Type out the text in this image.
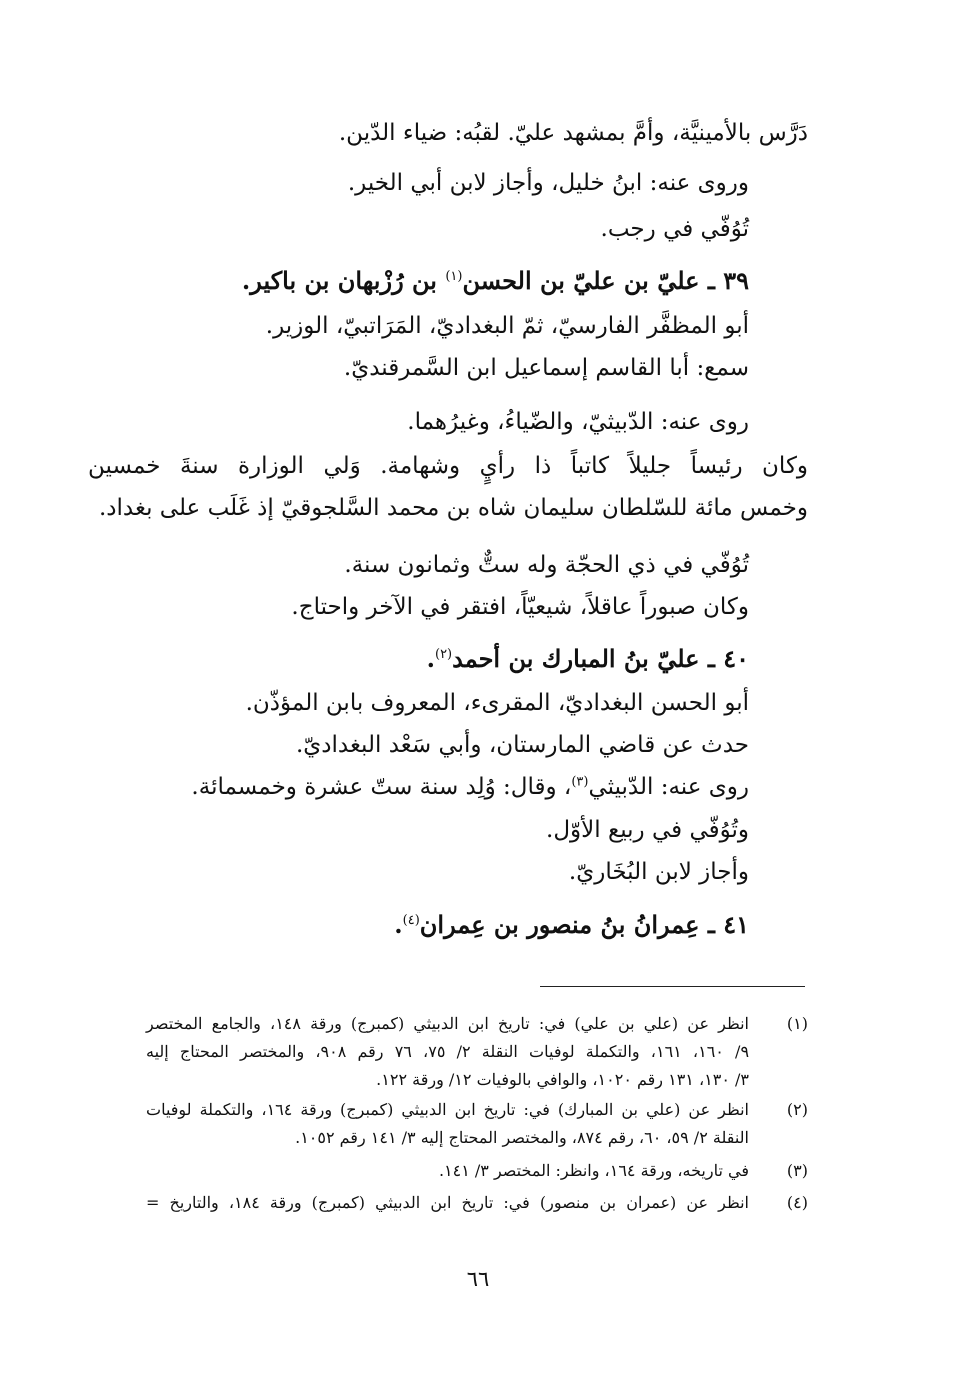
دَرَّس بالأمينيَّة، وأمَّ بمشهد عليّ. لقبُه: ضياء الدّين.

وروى عنه: ابنُ خليل، وأجاز لابن أبي الخير.

تُوُفّي في رجب.

٣٩ ـ عليّ بن عليّ بن الحسن$^{(١)}$ بن رُزْبهان بن باكير.

أبو المظفَّر الفارسيّ، ثمّ البغداديّ، المَرَاتبيّ، الوزير.

سمع: أبا القاسم إسماعيل ابن السَّمرقنديّ.

روى عنه: الدّبيثيّ، والضّياءُ، وغيرُهما.

وكان رئيساً جليلاً كاتباً ذا رأيٍ وشهامة. وَلي الوزارة سنةَ خمسين

وخمس مائة للسّلطان سليمان شاه بن محمد السَّلجوقيّ إذ غَلَب على بغداد.

تُوُفّي في ذي الحجّة وله ستٌّ وثمانون سنة.

وكان صبوراً عاقلاً، شيعيّاً، افتقر في الآخر واحتاج.

٤٠ ـ عليّ بنُ المبارك بن أحمد$^{(٢)}$.

أبو الحسن البغداديّ، المقرىء، المعروف بابن المؤذّن.

حدث عن قاضي المارستان، وأبي سَعْد البغداديّ.

روى عنه: الدّبيثي$^{(٣)}$، وقال: وُلِد سنة ستّ عشرة وخمسمائة.

وتُوُفّي في ربيع الأوّل.

وأجاز لابن البُخَاريّ.

٤١ ـ عِمرانُ بنُ منصور بن عِمران$^{(٤)}$.

(١)

انظر عن (علي بن علي) في: تاريخ ابن الدبيثي (كمبرج) ورقة ١٤٨، والجامع المختصر

٩/ ١٦٠، ١٦١، والتكملة لوفيات النقلة ٢/ ٧٥، ٧٦ رقم ٩٠٨، والمختصر المحتاج إليه

٣/ ١٣٠، ١٣١ رقم ١٠٢٠، والوافي بالوفيات ١٢/ ورقة ١٢٢.

(٢)

انظر عن (علي بن المبارك) في: تاريخ ابن الدبيثي (كمبرج) ورقة ١٦٤، والتكملة لوفيات

النقلة ٢/ ٥٩، ٦٠، رقم ٨٧٤، والمختصر المحتاج إليه ٣/ ١٤١ رقم ١٠٥٢.

(٣)

في تاريخه، ورقة ١٦٤، وانظر: المختصر ٣/ ١٤١.

(٤)

انظر عن (عمران بن منصور) في: تاريخ ابن الدبيثي (كمبرج) ورقة ١٨٤، والتاريخ =

٦٦
